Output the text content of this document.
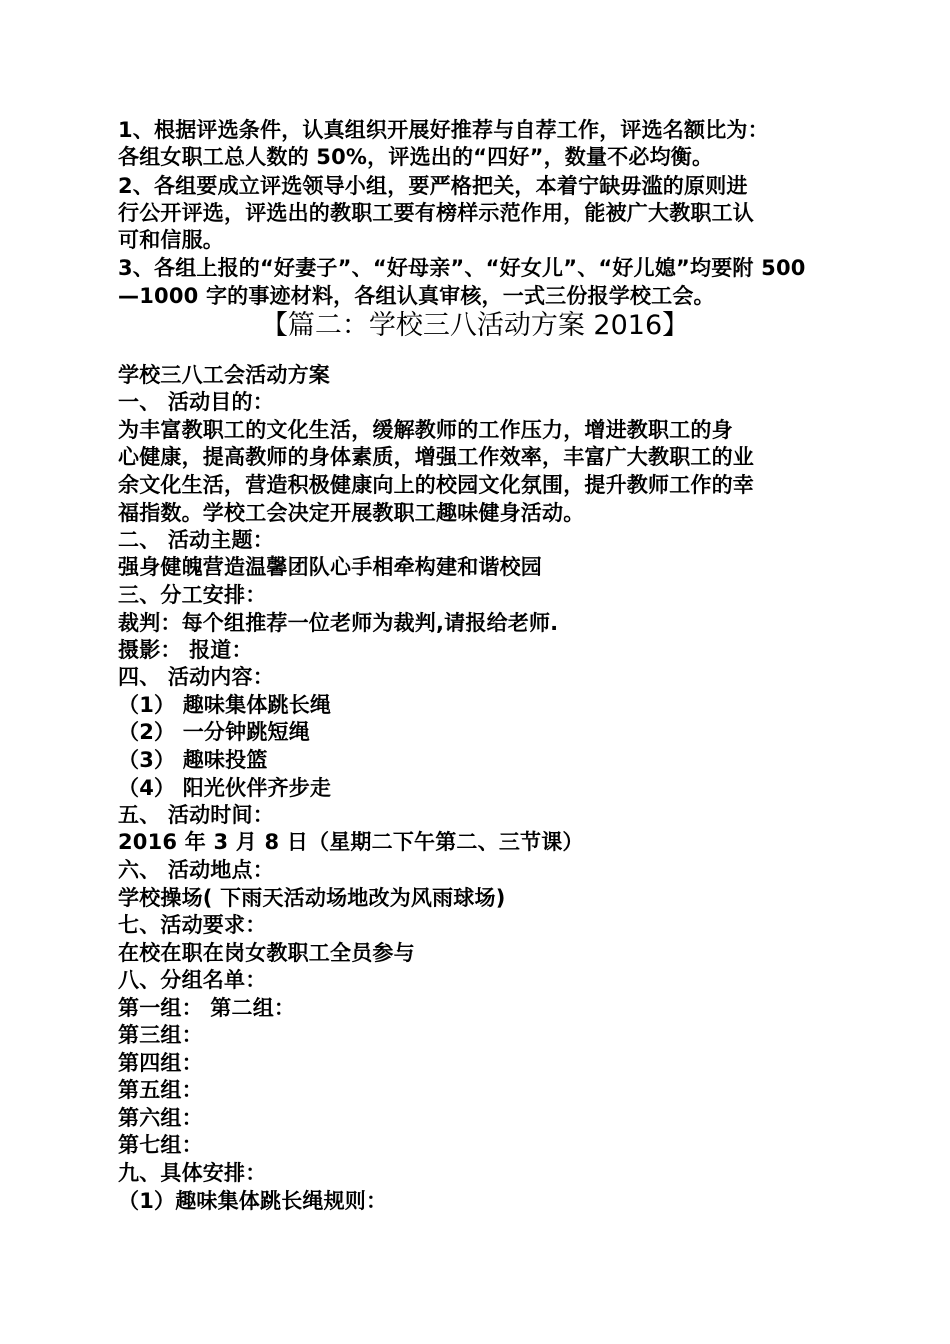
1、根据评选条件，认真组织开展好推荐与自荐工作，评选名额比为：
各组女职工总人数的 50%，评选出的“四好”，数量不必均衡。
2、各组要成立评选领导小组，要严格把关，本着宁缺毋滥的原则进
行公开评选，评选出的教职工要有榜样示范作用，能被广大教职工认
可和信服。
3、各组上报的“好妻子”、“好母亲”、“好女儿”、“好儿媳”均要附 500
—1000 字的事迹材料，各组认真审核，一式三份报学校工会。
【篇二：学校三八活动方案 2016】
学校三八工会活动方案
一、 活动目的：
为丰富教职工的文化生活，缓解教师的工作压力，增进教职工的身
心健康，提高教师的身体素质，增强工作效率，丰富广大教职工的业
余文化生活，营造积极健康向上的校园文化氛围，提升教师工作的幸
福指数。学校工会决定开展教职工趣味健身活动。
二、 活动主题：
强身健魄营造温馨团队心手相牵构建和谐校园
三、分工安排：
裁判：每个组推荐一位老师为裁判,请报给老师.
摄影： 报道：
四、 活动内容：
（1） 趣味集体跳长绳
（2） 一分钟跳短绳
（3） 趣味投篮
（4） 阳光伙伴齐步走
五、 活动时间：
2016 年 3 月 8 日（星期二下午第二、三节课）
六、 活动地点：
学校操场( 下雨天活动场地改为风雨球场)
七、活动要求：
在校在职在岗女教职工全员参与
八、分组名单：
第一组： 第二组：
第三组：
第四组：
第五组：
第六组：
第七组：
九、具体安排：
（1）趣味集体跳长绳规则：
